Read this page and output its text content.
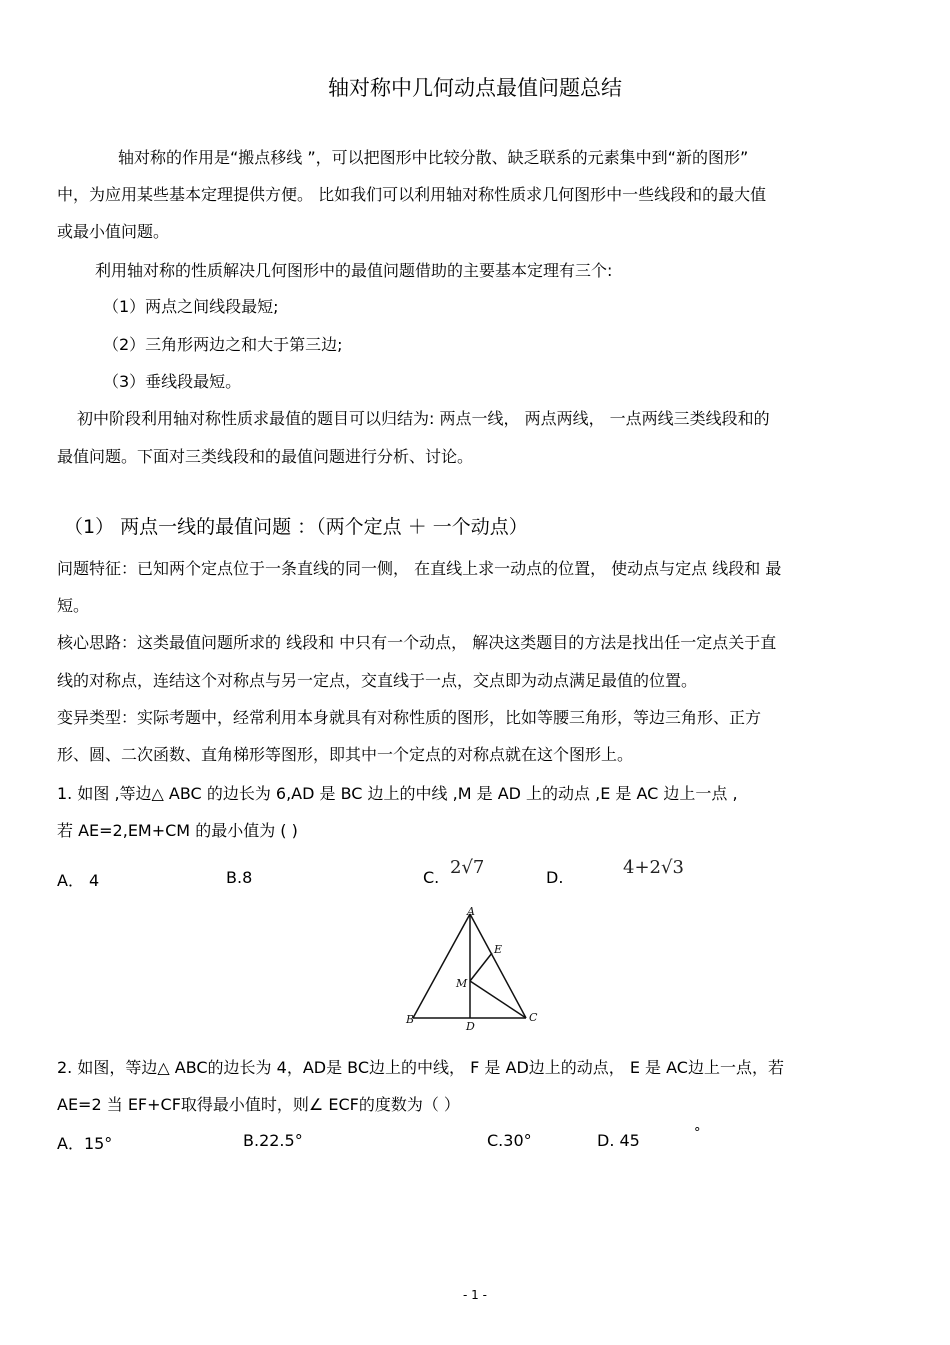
轴对称中几何动点最值问题总结
轴对称的作用是“搬点移线 ”，可以把图形中比较分散、缺乏联系的元素集中到“新的图形”
中，为应用某些基本定理提供方便。 比如我们可以利用轴对称性质求几何图形中一些线段和的最大值
或最小值问题。
利用轴对称的性质解决几何图形中的最值问题借助的主要基本定理有三个:
（1）两点之间线段最短;
（2）三角形两边之和大于第三边;
（3）垂线段最短。
初中阶段利用轴对称性质求最值的题目可以归结为: 两点一线， 两点两线， 一点两线三类线段和的
最值问题。下面对三类线段和的最值问题进行分析、讨论。
（1） 两点一线的最值问题 ：（两个定点 ＋ 一个动点）
问题特征：已知两个定点位于一条直线的同一侧， 在直线上求一动点的位置， 使动点与定点 线段和 最
短。
核心思路：这类最值问题所求的 线段和 中只有一个动点， 解决这类题目的方法是找出任一定点关于直
线的对称点，连结这个对称点与另一定点，交直线于一点，交点即为动点满足最值的位置。
变异类型：实际考题中，经常利用本身就具有对称性质的图形，比如等腰三角形，等边三角形、正方
形、圆、二次函数、直角梯形等图形，即其中一个定点的对称点就在这个图形上。
1. 如图 ,等边△ ABC 的边长为 6,AD 是 BC 边上的中线 ,M 是 AD 上的动点 ,E 是 AC 边上一点 ,
若 AE=2,EM+CM 的最小值为 ( )
A． 4	B.8	C. 2√7	D.	4+2√3
A
B	C
D
E
M
2. 如图，等边△ ABC的边长为 4，AD是 BC边上的中线， F 是 AD边上的动点， E 是 AC边上一点，若
AE=2 当 EF+CF取得最小值时，则∠ ECF的度数为（ ）
A．15°	B.22.5°	C.30°	D. 45	°
- 1 -
